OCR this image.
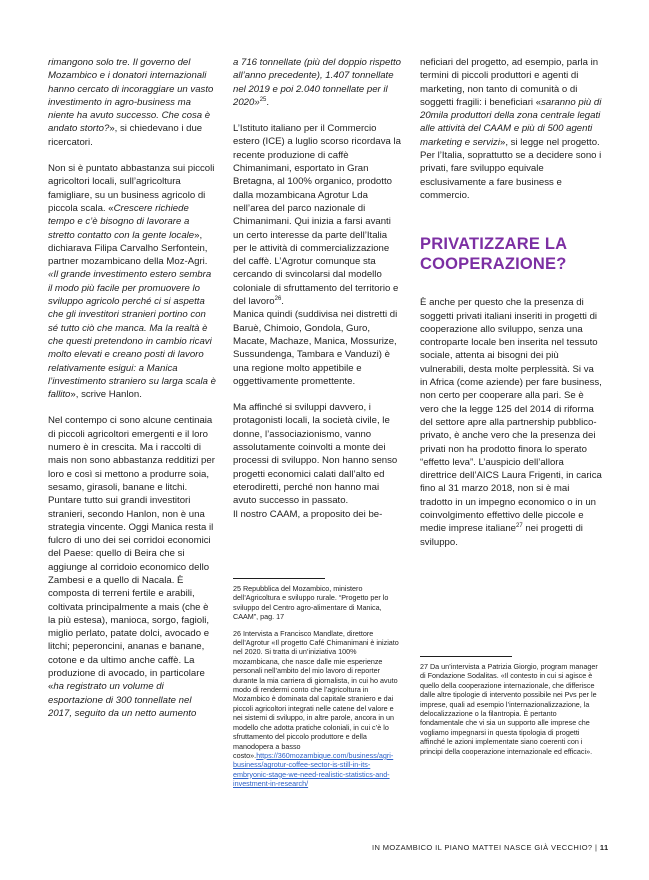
rimangono solo tre. Il governo del Mozambico e i donatori internazionali hanno cercato di incoraggiare un vasto investimento in agro-business ma niente ha avuto successo. Che cosa è andato storto?», si chiedevano i due ricercatori.

Non si è puntato abbastanza sui piccoli agricoltori locali, sull’agricoltura famigliare, su un business agricolo di piccola scala. «Crescere richiede tempo e c’è bisogno di lavorare a stretto contatto con la gente locale», dichiarava Filipa Carvalho Serfontein, partner mozambicano della Moz-Agri.

«Il grande investimento estero sembra il modo più facile per promuovere lo sviluppo agricolo perché ci si aspetta che gli investitori stranieri portino con sé tutto ciò che manca. Ma la realtà è che questi pretendono in cambio ricavi molto elevati e creano posti di lavoro relativamente esigui: a Manica l’investimento straniero su larga scala è fallito», scrive Hanlon.

Nel contempo ci sono alcune centinaia di piccoli agricoltori emergenti e il loro numero è in crescita. Ma i raccolti di mais non sono abbastanza redditizi per loro e così si mettono a produrre soia, sesamo, girasoli, banane e litchi. Puntare tutto sui grandi investitori stranieri, secondo Hanlon, non è una strategia vincente. Oggi Manica resta il fulcro di uno dei sei corridoi economici del Paese: quello di Beira che si aggiunge al corridoio economico dello Zambesi e a quello di Nacala. È composta di terreni fertile e arabili, coltivata principalmente a mais (che è la più estesa), manioca, sorgo, fagioli, miglio perlato, patate dolci, avocado e litchi; peperoncini, ananas e banane, cotone e da ultimo anche caffè. La produzione di avocado, in particolare «ha registrato un volume di esportazione di 300 tonnellate nel 2017, seguito da un netto aumento

a 716 tonnellate (più del doppio rispetto all’anno precedente), 1.407 tonnellate nel 2019 e poi 2.040 tonnellate per il 2020»$^{25}$.

L’Istituto italiano per il Commercio estero (ICE) a luglio scorso ricordava la recente produzione di caffè Chimanimani, esportato in Gran Bretagna, al 100% organico, prodotto dalla mozambicana Agrotur Lda nell’area del parco nazionale di Chimanimani. Qui inizia a farsi avanti un certo interesse da parte dell’Italia per le attività di commercializzazione del caffè. L’Agrotur comunque sta cercando di svincolarsi dal modello coloniale di sfruttamento del territorio e del lavoro$^{26}$.

Manica quindi (suddivisa nei distretti di Baruè, Chimoio, Gondola, Guro, Macate, Machaze, Manica, Mossurize, Sussundenga, Tambara e Vanduzi) è una regione molto appetibile e oggettivamente promettente.

Ma affinché si sviluppi davvero, i protagonisti locali, la società civile, le donne, l’associazionismo, vanno assolutamente coinvolti a monte dei processi di sviluppo. Non hanno senso progetti economici calati dall’alto ed eterodiretti, perché non hanno mai avuto successo in passato.

Il nostro CAAM, a proposito dei be-

25 Repubblica del Mozambico, ministero dell’Agricoltura e sviluppo rurale. “Progetto per lo sviluppo del Centro agro-alimentare di Manica, CAAM”, pag. 17

26 Intervista a Francisco Mandlate, direttore dell’Agrotur «Il progetto Café Chimanimani è iniziato nel 2020. Si tratta di un’iniziativa 100% mozambicana, che nasce dalle mie esperienze personali nell’ambito del mio lavoro di reporter durante la mia carriera di giornalista, in cui ho avuto modo di rendermi conto che l’agricoltura in Mozambico è dominata dal capitale straniero e dai piccoli agricoltori integrati nelle catene del valore e nei sistemi di sviluppo, in altre parole, ancora in un modello che adotta pratiche coloniali, in cui c’è lo sfruttamento del piccolo produttore e della manodopera a basso costo».https://360mozambique.com/business/agri-business/agrotur-coffee-sector-is-still-in-its-embryonic-stage-we-need-realistic-statistics-and-investment-in-research/

neficiari del progetto, ad esempio, parla in termini di piccoli produttori e agenti di marketing, non tanto di comunità o di soggetti fragili: i beneficiari «saranno più di 20mila produttori della zona centrale legati alle attività del CAAM e più di 500 agenti marketing e servizi», si legge nel progetto. Per l’Italia, soprattutto se a decidere sono i privati, fare sviluppo equivale esclusivamente a fare business e commercio.

PRIVATIZZARE LA COOPERAZIONE?

È anche per questo che la presenza di soggetti privati italiani inseriti in progetti di cooperazione allo sviluppo, senza una controparte locale ben inserita nel tessuto sociale, attenta ai bisogni dei più vulnerabili, desta molte perplessità. Si va in Africa (come aziende) per fare business, non certo per cooperare alla pari. Se è vero che la legge 125 del 2014 di riforma del settore apre alla partnership pubblico-privato, è anche vero che la presenza dei privati non ha prodotto finora lo sperato “effetto leva”. L’auspicio dell’allora direttrice dell’AICS Laura Frigenti, in carica fino al 31 marzo 2018, non si è mai tradotto in un impegno economico o in un coinvolgimento effettivo delle piccole e medie imprese italiane$^{27}$ nei progetti di sviluppo.

27 Da un’intervista a Patrizia Giorgio, program manager di Fondazione Sodalitas. «Il contesto in cui si agisce è quello della cooperazione internazionale, che differisce dalle altre tipologie di intervento possibile nei Pvs per le imprese, quali ad esempio l’internazionalizzazione, la delocalizzazione o la filantropia. È pertanto fondamentale che vi sia un supporto alle imprese che vogliamo impegnarsi in questa tipologia di progetti affinché le azioni implementate siano coerenti con i principi della cooperazione internazionale ed efficaci».

IN MOZAMBICO IL PIANO MATTEI NASCE GIÀ VECCHIO? | 11
